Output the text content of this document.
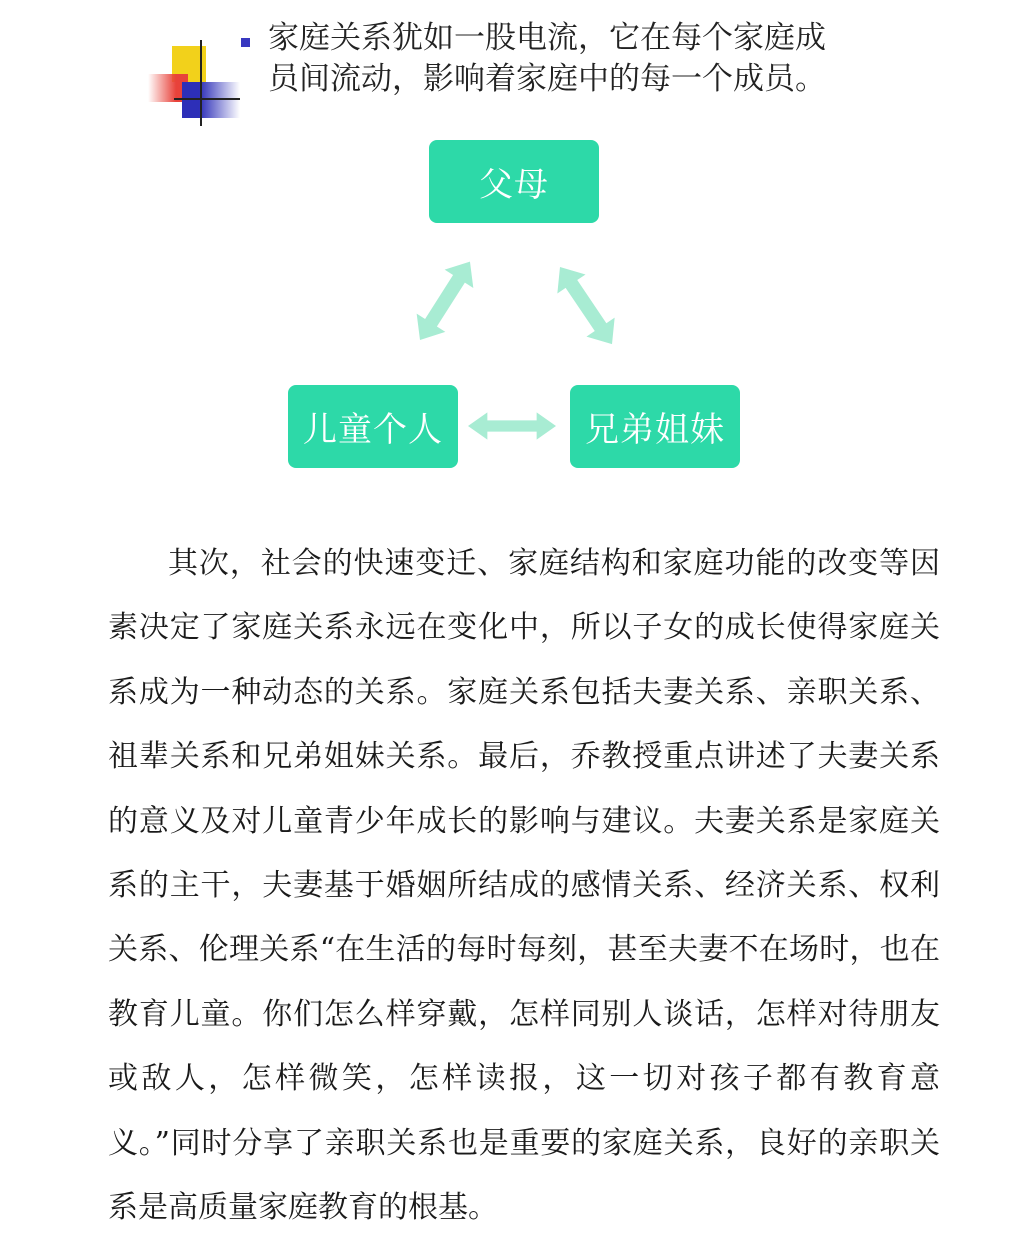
家庭关系犹如一股电流，它在每个家庭成员间流动，影响着家庭中的每一个成员。

父母
儿童个人	兄弟姐妹

其次，社会的快速变迁、家庭结构和家庭功能的改变等因素决定了家庭关系永远在变化中，所以子女的成长使得家庭关系成为一种动态的关系。家庭关系包括夫妻关系、亲职关系、祖辈关系和兄弟姐妹关系。最后，乔教授重点讲述了夫妻关系的意义及对儿童青少年成长的影响与建议。夫妻关系是家庭关系的主干，夫妻基于婚姻所结成的感情关系、经济关系、权利关系、伦理关系“在生活的每时每刻，甚至夫妻不在场时，也在教育儿童。你们怎么样穿戴，怎样同别人谈话，怎样对待朋友或敌人，怎样微笑，怎样读报，这一切对孩子都有教育意义。”同时分享了亲职关系也是重要的家庭关系，良好的亲职关系是高质量家庭教育的根基。
